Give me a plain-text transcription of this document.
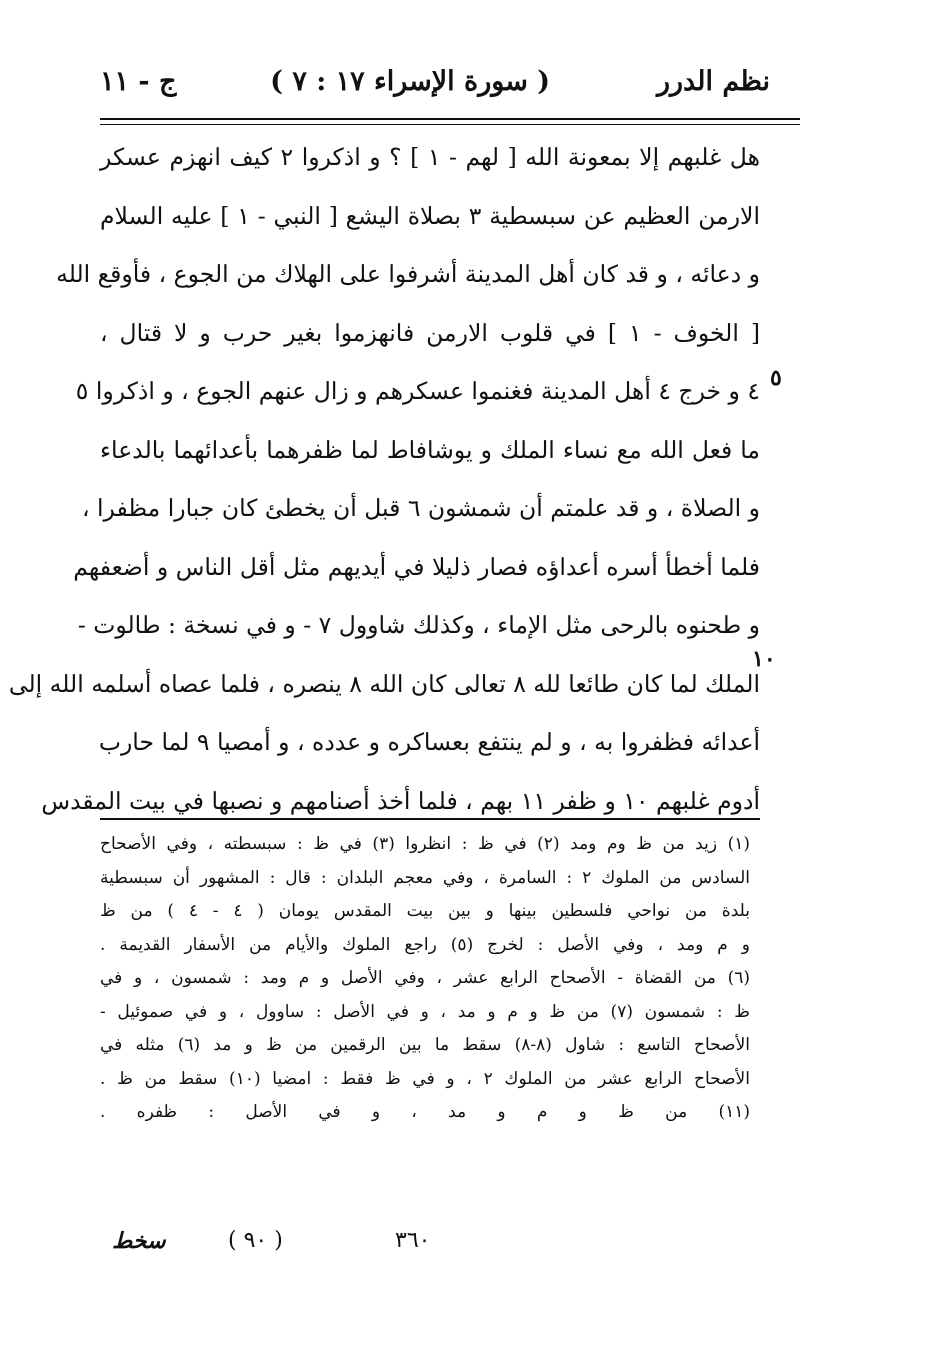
نظم الدرر
( سورة الإسراء ١٧ : ٧ )
ج - ١١
هل غلبهم إلا بمعونة الله [ لهم - ١ ] ؟ و اذكروا ٢ كيف انهزم عسكر
الارمن العظيم عن سبسطية ٣ بصلاة اليشع [ النبي - ١ ] عليه السلام
و دعائه ، و قد كان أهل المدينة أشرفوا على الهلاك من الجوع ، فأوقع الله
[ الخوف - ١ ] في قلوب الارمن فانهزموا بغير حرب و لا قتال ،
٤ و خرج ٤ أهل المدينة فغنموا عسكرهم و زال عنهم الجوع ، و اذكروا ٥
ما فعل الله مع نساء الملك و يوشافاط لما ظفرهما بأعدائهما بالدعاء
و الصلاة ، و قد علمتم أن شمشون ٦ قبل أن يخطئ كان جبارا مظفرا ،
فلما أخطأ أسره أعداؤه فصار ذليلا في أيديهم مثل أقل الناس و أضعفهم
و طحنوه بالرحى مثل الإماء ، وكذلك شاوول ٧ - و في نسخة : طالوت -
الملك لما كان طائعا لله ٨ تعالى كان الله ٨ ينصره ، فلما عصاه أسلمه الله إلى
أعدائه فظفروا به ، و لم ينتفع بعساكره و عدده ، و أمصيا ٩ لما حارب
أدوم غلبهم ١٠ و ظفر ١١ بهم ، فلما أخذ أصنامهم و نصبها في بيت المقدس
٥
١٠
(١) زيد من ظ وم ومد (٢) في ظ : انظروا (٣) في ظ : سبسطته ، وفي الأصحاح
السادس من الملوك ٢ : السامرة ، وفي معجم البلدان : قال : المشهور أن سبسطية
بلدة من نواحي فلسطين بينها و بين بيت المقدس يومان ( ٤ - ٤ ) من ظ
و م ومد ، وفي الأصل : لخرج (٥) راجع الملوك والأيام من الأسفار القديمة .
(٦) من القضاة - الأصحاح الرابع عشر ، وفي الأصل و م ومد : شمسون ، و في
ظ : شمسون (٧) من ظ و م و مد ، و في الأصل : ساوول ، و في صموئيل -
الأصحاح التاسع : شاول (٨-٨) سقط ما بين الرقمين من ظ و مد (٦) مثله في
الأصحاح الرابع عشر من الملوك ٢ ، و في ظ فقط : امضيا (١٠) سقط من ظ .
(١١) من ظ و م و مد ، و في الأصل : ظفره .
٣٦٠
( ٩٠ )
سخط
